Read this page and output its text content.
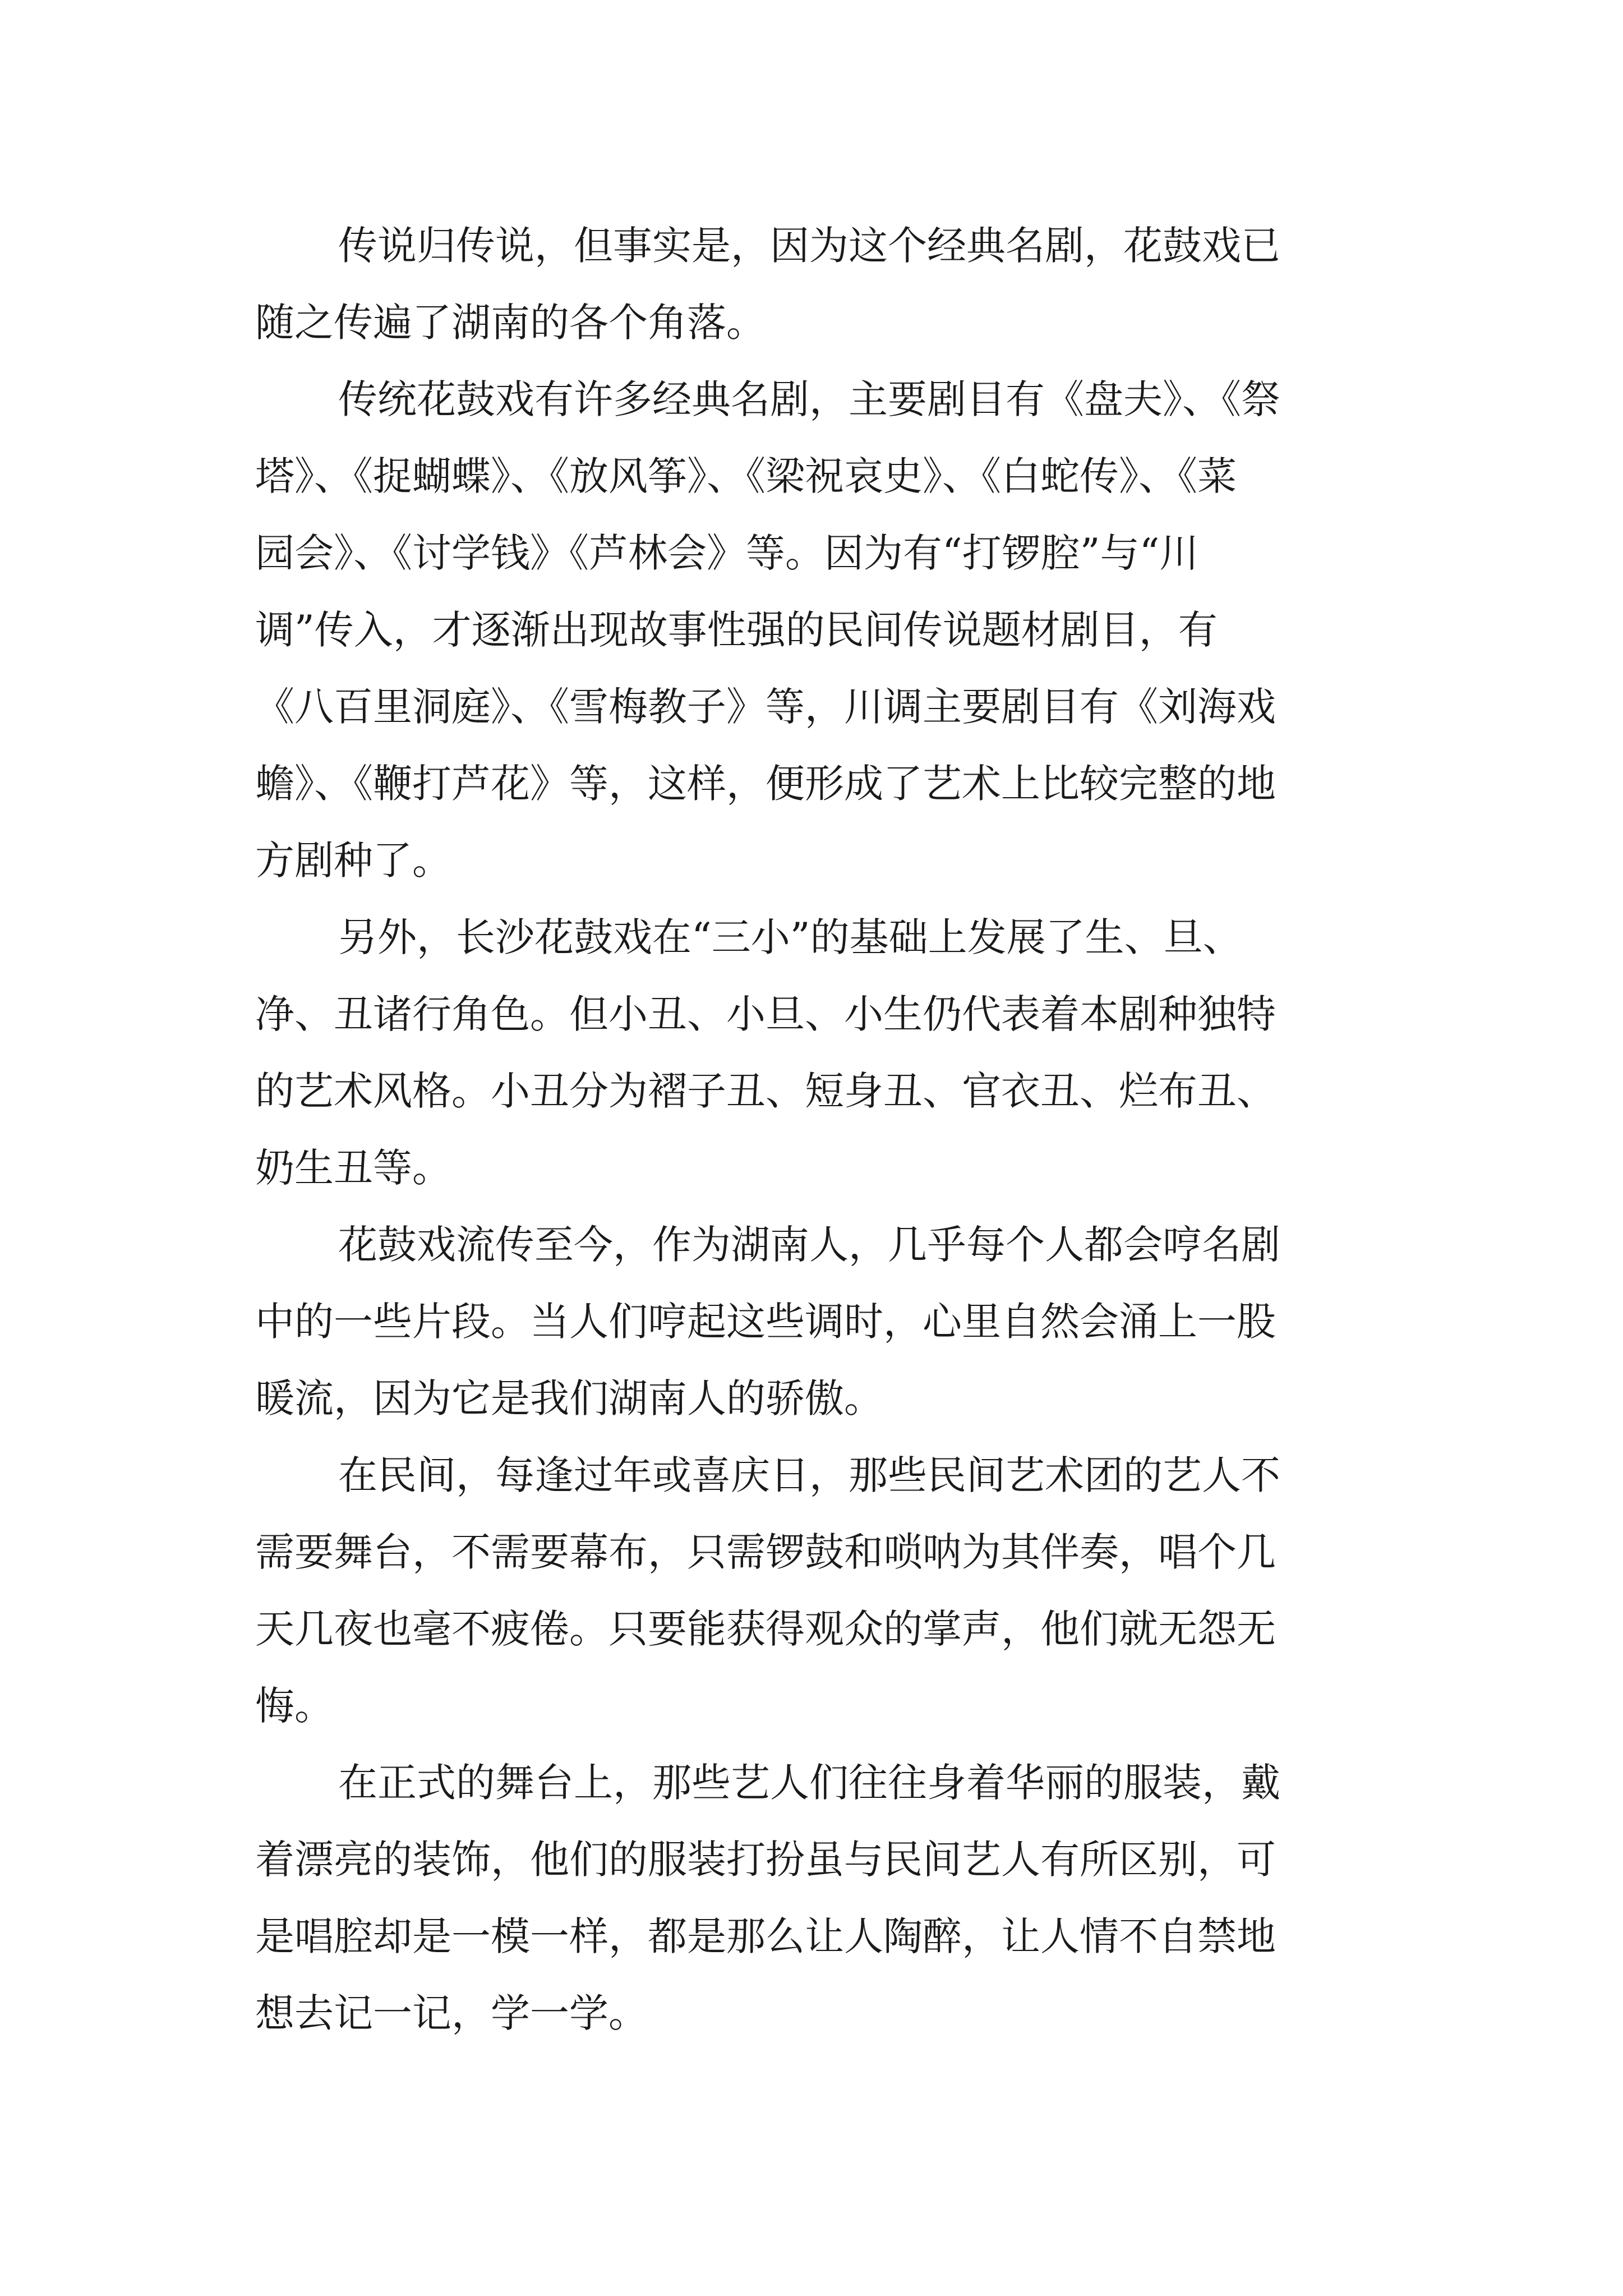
传说归传说，但事实是，因为这个经典名剧，花鼓戏已
随之传遍了湖南的各个角落。
传统花鼓戏有许多经典名剧，主要剧目有《盘夫》、《祭
塔》、《捉蝴蝶》、《放风筝》、《梁祝哀史》、《白蛇传》、《菜
园会》、《讨学钱》《芦林会》等。因为有“打锣腔”与“川
调”传入，才逐渐出现故事性强的民间传说题材剧目，有
《八百里洞庭》、《雪梅教子》等，川调主要剧目有《刘海戏
蟾》、《鞭打芦花》等，这样，便形成了艺术上比较完整的地
方剧种了。
另外，长沙花鼓戏在“三小”的基础上发展了生、旦、
净、丑诸行角色。但小丑、小旦、小生仍代表着本剧种独特
的艺术风格。小丑分为褶子丑、短身丑、官衣丑、烂布丑、
奶生丑等。
花鼓戏流传至今，作为湖南人，几乎每个人都会哼名剧
中的一些片段。当人们哼起这些调时，心里自然会涌上一股
暖流，因为它是我们湖南人的骄傲。
在民间，每逢过年或喜庆日，那些民间艺术团的艺人不
需要舞台，不需要幕布，只需锣鼓和唢呐为其伴奏，唱个几
天几夜也毫不疲倦。只要能获得观众的掌声，他们就无怨无
悔。
在正式的舞台上，那些艺人们往往身着华丽的服装，戴
着漂亮的装饰，他们的服装打扮虽与民间艺人有所区别，可
是唱腔却是一模一样，都是那么让人陶醉，让人情不自禁地
想去记一记，学一学。
